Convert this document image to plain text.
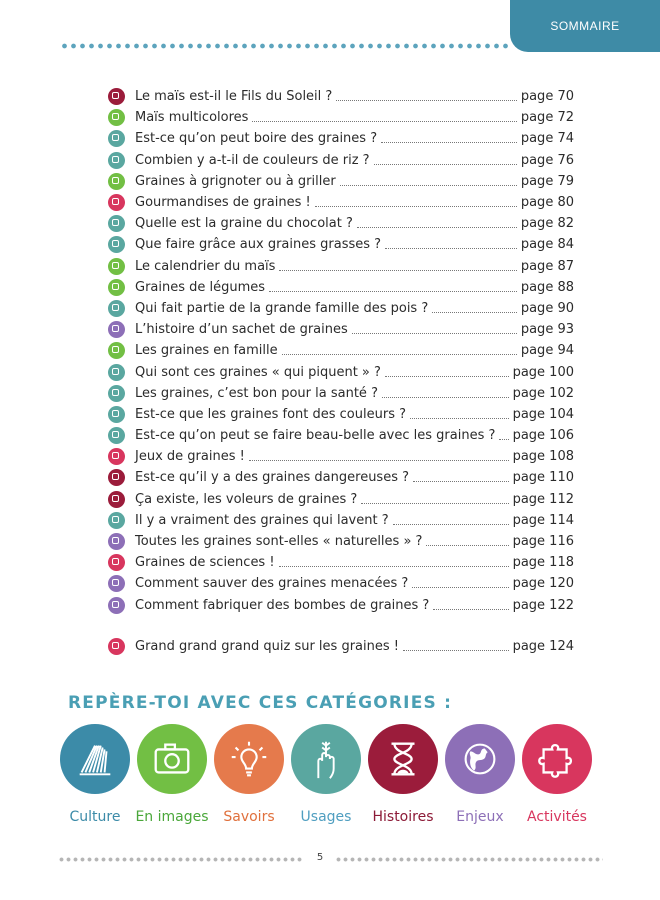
SOMMAIRE
Le maïs est-il le Fils du Soleil ?	page 70
Maïs multicolores	page 72
Est-ce qu’on peut boire des graines ?	page 74
Combien y a-t-il de couleurs de riz ?	page 76
Graines à grignoter ou à griller	page 79
Gourmandises de graines !	page 80
Quelle est la graine du chocolat ?	page 82
Que faire grâce aux graines grasses ?	page 84
Le calendrier du maïs	page 87
Graines de légumes	page 88
Qui fait partie de la grande famille des pois ?	page 90
L’histoire d’un sachet de graines	page 93
Les graines en famille	page 94
Qui sont ces graines « qui piquent » ?	page 100
Les graines, c’est bon pour la santé ?	page 102
Est-ce que les graines font des couleurs ?	page 104
Est-ce qu’on peut se faire beau-belle avec les graines ? page 106
Jeux de graines !	page 108
Est-ce qu’il y a des graines dangereuses ?	page 110
Ça existe, les voleurs de graines ?	page 112
Il y a vraiment des graines qui lavent ?	page 114
Toutes les graines sont-elles « naturelles » ?	page 116
Graines de sciences !	page 118
Comment sauver des graines menacées ?	page 120
Comment fabriquer des bombes de graines ?	page 122
Grand grand grand quiz sur les graines !	page 124
REPÈRE-TOI AVEC CES CATÉGORIES :
Culture	En images	Savoirs	Usages	Histoires	Enjeux	Activités
5
